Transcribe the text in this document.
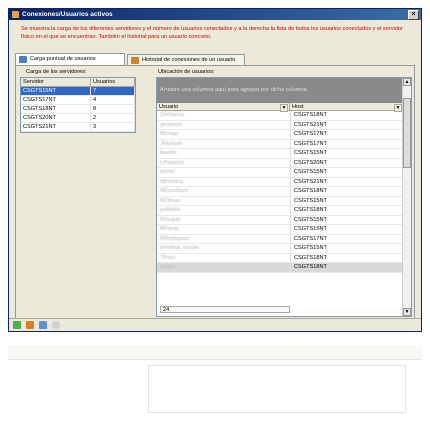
Conexiones/Usuarios activos	×
Se muestra la carga de los diferentes servidores y el número de usuarios conectados y a la derecha la lista de todos los usuarios conectados y el servidor físico en el que se encuentran. También el historial para un usuario concreto.
Carga puntual de usuarios	Historial de conexiones de un usuario
Carga de los servidores:
Servidor	Usuarios
CSGTS15NT	7
CSGTS17NT	4
CSGTS18NT	8
CSGTS20NT	2
CSGTS21NT	3
Ubicación de usuarios:
Arrastre una columna aquí para agrupar por dicha columna
Usuario	▼ Host	▼
GeGarcia	CSGTS18NT
gestevez	CSGTS21NT
fMonge	CSGTS17NT
JHurtado	CSGTS17NT
jkastro	CSGTS15NT
LPalacios	CSGTS20NT
lperez	CSGTS15NT
MFerrera	CSGTS21NT
MGandiaro	CSGTS18NT
MOlivan	CSGTS15NT
pvillalba	CSGTS18NT
PDuque	CSGTS15NT
RPardo	CSGTS15NT
RRodriguez	CSGTS17NT
terminal_musile	CSGTS15NT
TPoro	CSGTS18NT
vcano	CSGTS18NT
24
▲
▼
